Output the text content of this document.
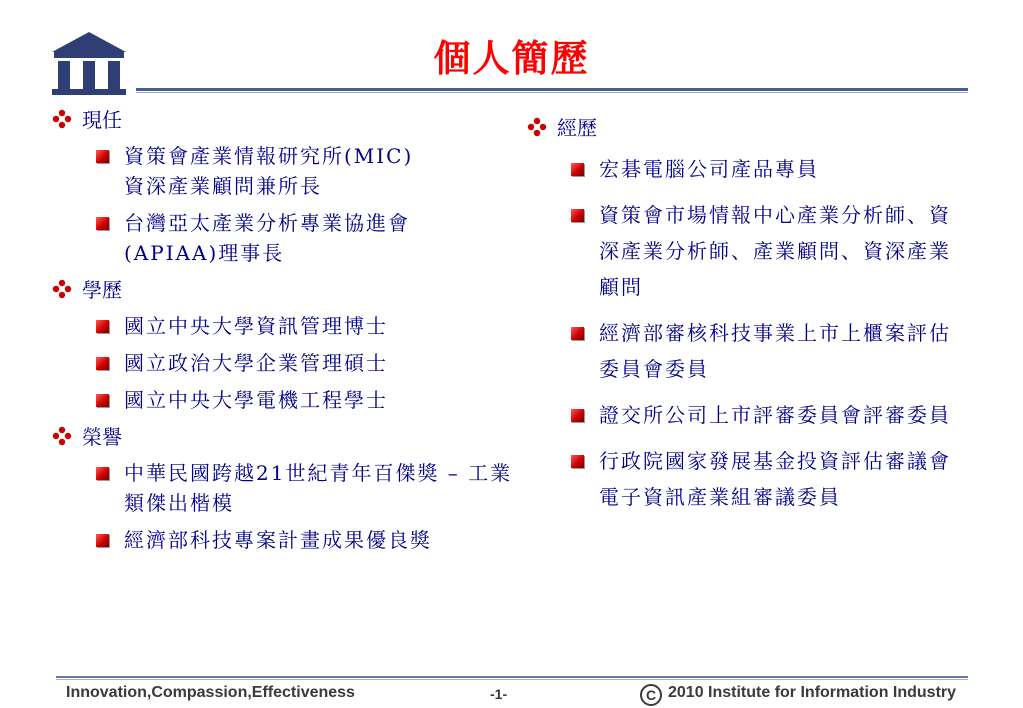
個人簡歷
現任
資策會產業情報研究所(MIC)
資深產業顧問兼所長
台灣亞太產業分析專業協進會(APIAA)理事長
學歷
國立中央大學資訊管理博士
國立政治大學企業管理碩士
國立中央大學電機工程學士
榮譽
中華民國跨越21世紀青年百傑獎 – 工業類傑出楷模
經濟部科技專案計畫成果優良獎
經歷
宏碁電腦公司產品專員
資策會市場情報中心產業分析師、資深產業分析師、產業顧問、資深產業顧問
經濟部審核科技事業上市上櫃案評估委員會委員
證交所公司上市評審委員會評審委員
行政院國家發展基金投資評估審議會電子資訊產業組審議委員
Innovation,Compassion,Effectiveness	-1-	C 2010 Institute for Information Industry
